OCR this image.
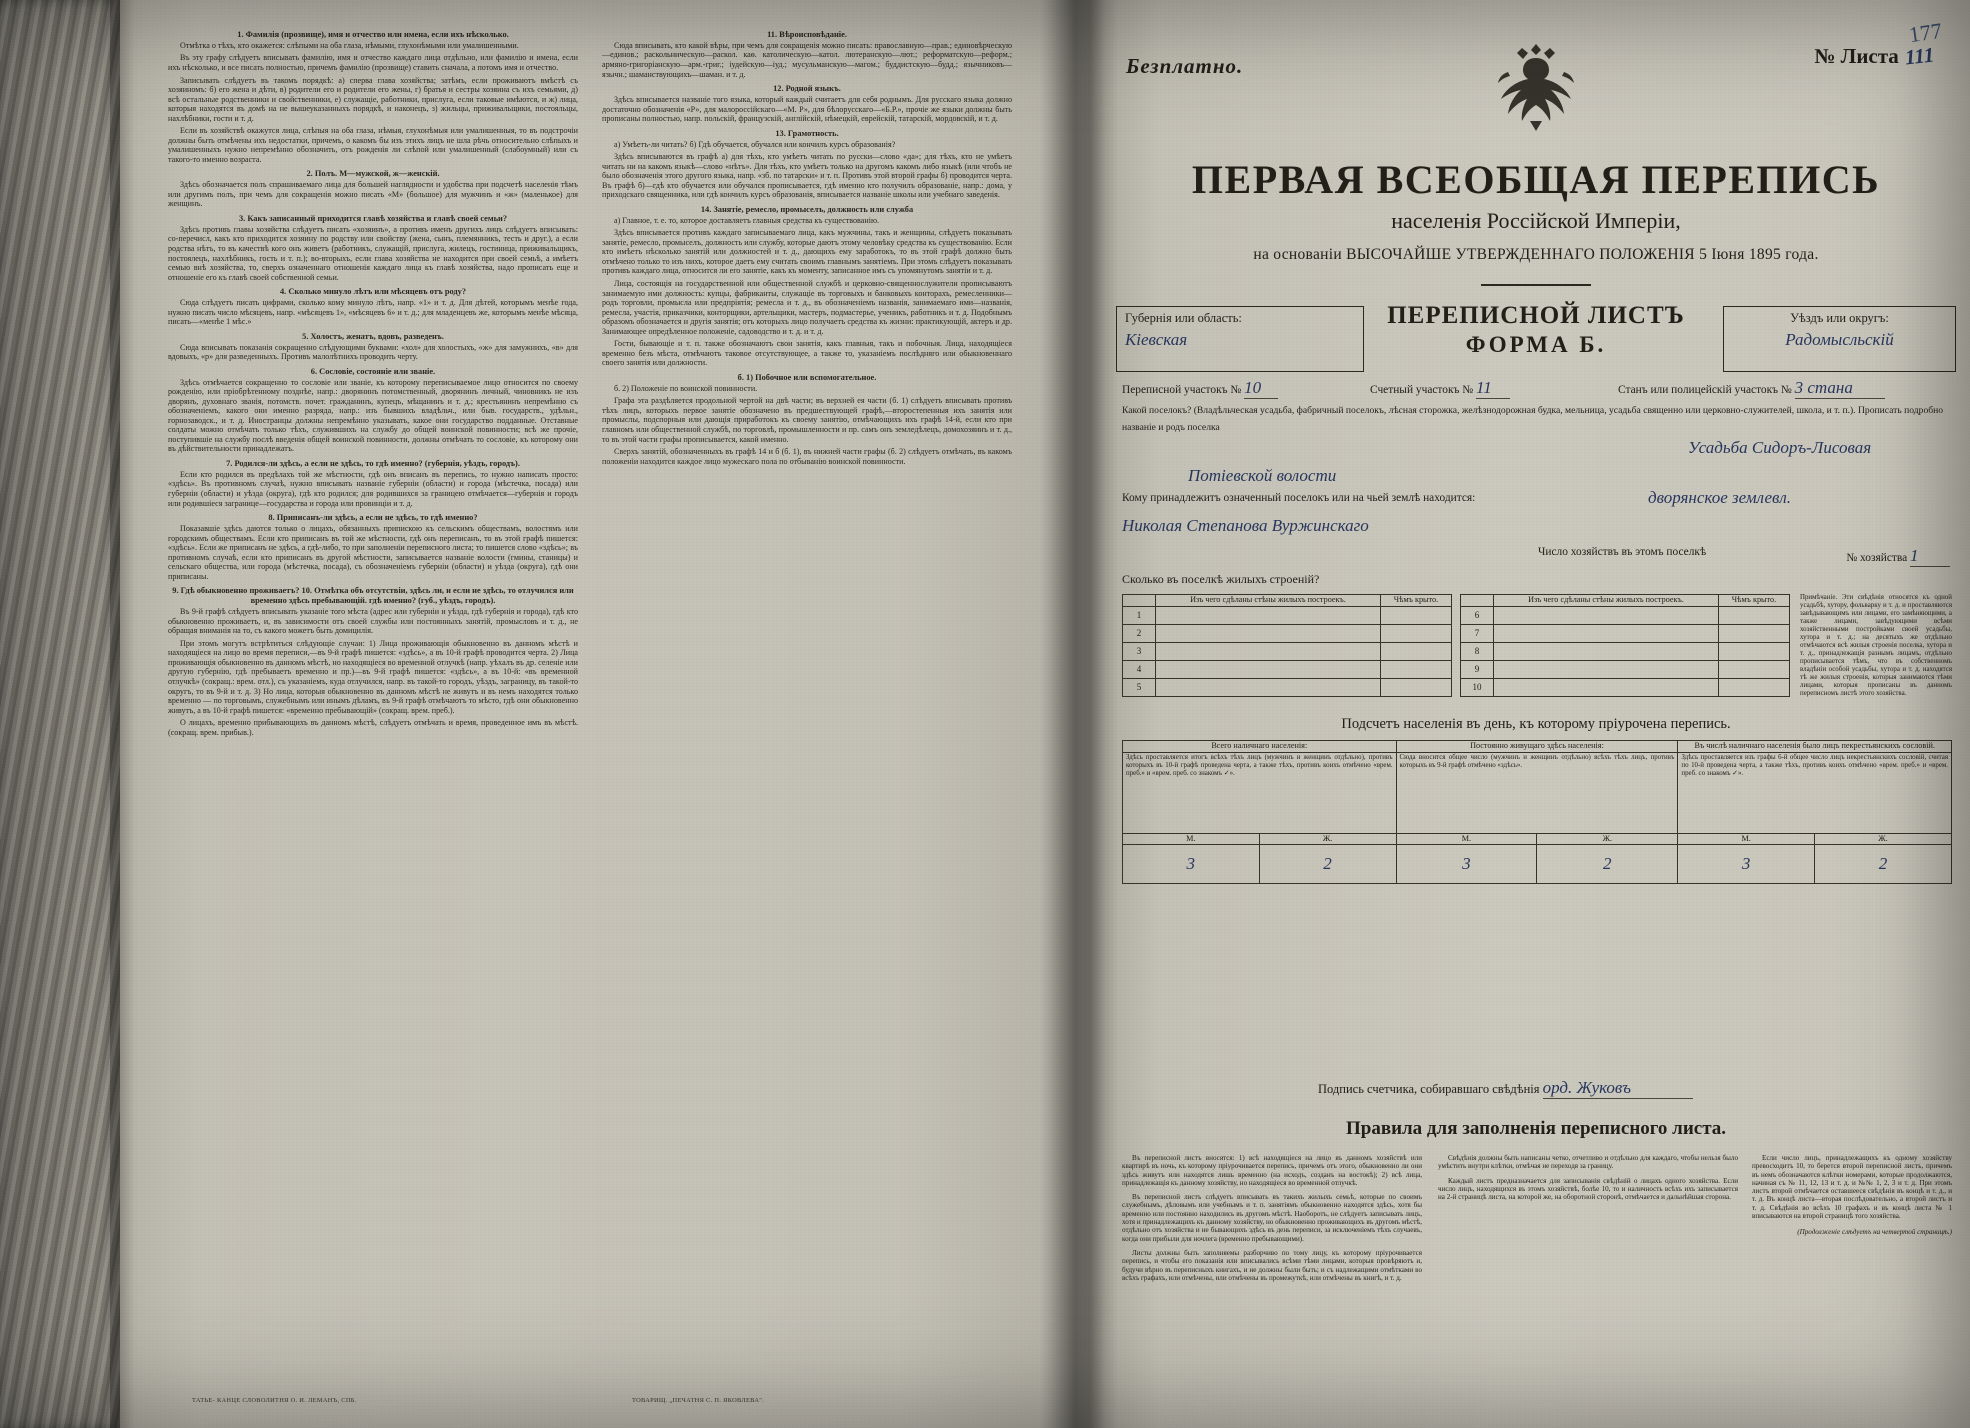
1. Фамилія (прозвище), имя и отчество или имена, если ихъ нѣсколько.

Отмѣтка о тѣхъ, кто окажется: слѣпыми на оба глаза, нѣмыми, глухонѣмыми или умалишенными.

Въ эту графу слѣдуетъ вписывать фамилію, имя и отчество каждаго лица отдѣльно, или фамилію и имена, если ихъ нѣсколько, и все писать полностью, причемъ фамилію (прозвище) ставить сначала, а потомъ имя и отчество.

Записывать слѣдуетъ въ такомъ порядкѣ: а) сперва глава хозяйства; затѣмъ, если проживаютъ вмѣстѣ съ хозяиномъ: б) его жена и дѣти, в) родители его и родители его жены, г) братья и сестры хозяина съ ихъ семьями, д) всѣ остальные родственники и свойственники, е) служащіе, работники, прислуга, если таковые имѣются, и ж) лица, которыя находятся въ домѣ на не вышеуказанныхъ порядкѣ, и наконецъ, з) жильцы, приживальщики, постояльцы, нахлѣбники, гости и т. д.

Если въ хозяйствѣ окажутся лица, слѣпыя на оба глаза, нѣмыя, глухонѣмыя или умалишенныя, то въ подстрочіи должны быть отмѣчены ихъ недостатки, причемъ, о какомъ бы изъ этихъ лицъ не шла рѣчь относительно слѣпыхъ и умалишенныхъ нужно непремѣнно обозначить, отъ рожденія ли слѣпой или умалишенный (слабоумный) или съ такого-то именно возраста.

2. Полъ. М—мужской, ж—женскій.

Здѣсь обозначается полъ спрашиваемаго лица для большей наглядности и удобства при подсчетѣ населенія тѣмъ или другимъ полъ, при чемъ для сокращенія можно писать «М» (большое) для мужчинъ и «ж» (маленькое) для женщинъ.

3. Какъ записанный приходится главѣ хозяйства и главѣ своей семьи?

Здѣсь противъ главы хозяйства слѣдуетъ писать «хозяинъ», а противъ именъ другихъ лицъ слѣдуетъ вписывать: со-перечисл, какъ кто приходится хозяину по родству или свойству (жена, сынъ, племянникъ, тесть и друг.), а если родства нѣтъ, то въ качествѣ кого онъ живетъ (работникъ, служащій, прислуга, жилецъ, гостиница, приживальщикъ, постоялецъ, нахлѣбникъ, гость и т. п.); во-вторыхъ, если глава хозяйства не находится при своей семьѣ, а имѣетъ семью внѣ хозяйства, то, сверхъ означеннаго отношенія каждаго лица къ главѣ хозяйства, надо прописать еще и отношеніе его къ главѣ своей собственной семьи.

4. Сколько минуло лѣтъ или мѣсяцевъ отъ роду?

Сюда слѣдуетъ писать цифрами, сколько кому минуло лѣтъ, напр. «1» и т. д. Для дѣтей, которымъ менѣе года, нужно писать число мѣсяцевъ, напр. «мѣсяцевъ 1», «мѣсяцевъ 6» и т. д.; для младенцевъ же, которымъ менѣе мѣсяца, писать—«менѣе 1 мѣс.»

5. Холостъ, женатъ, вдовъ, разведенъ.

Сюда вписывать показанія сокращенно слѣдующими буквами: «хол» для холостыхъ, «ж» для замужнихъ, «в» для вдовыхъ, «р» для разведенныхъ. Противъ малолѣтнихъ проводить черту.

6. Сословіе, состояніе или званіе.

Здѣсь отмѣчается сокращенно то сословіе или званіе, къ которому переписываемое лицо относится по своему рожденію, или пріобрѣтенному позднѣе, напр.: дворянинъ потомственный, дворянинъ личный, чиновникъ не изъ дворянъ, духовнаго званія, потомств. почет. гражданинъ, купецъ, мѣщанинъ и т. д.; крестьянинъ непремѣнно съ обозначеніемъ, какого они именно разряда, напр.: изъ бывшихъ владѣльч., или быв. государств., удѣльн., горнозаводск., и т. д. Иностранцы должны непремѣнно указывать, какое они государство подданные. Отставные солдаты можно отмѣчать только тѣхъ, служившихъ на службу до общей воинской повинности; всѣ же прочіе, поступившіе на службу послѣ введенія общей воинской повинности, должны отмѣчать то сословіе, къ которому они въ дѣйствительности принадлежатъ.

7. Родился-ли здѣсь, а если не здѣсь, то гдѣ именно? (губернія, уѣздъ, городъ).

Если кто родился въ предѣлахъ той же мѣстности, гдѣ онъ вписанъ въ перепись, то нужно написать просто: «здѣсь». Въ противномъ случаѣ, нужно вписывать названіе губерніи (области) и города (мѣстечка, посада) или губерніи (области) и уѣзда (округа), гдѣ кто родился; для родившихся за границею отмѣчается—губернія и городъ или родившіеся загранице—государства и города или провинціи и т. д.

8. Приписанъ-ли здѣсь, а если не здѣсь, то гдѣ именно?

Показавшіе здѣсь даются только о лицахъ, обязанныхъ припискою къ сельскимъ обществамъ, волостямъ или городскимъ обществамъ. Если кто приписанъ въ той же мѣстности, гдѣ онъ переписанъ, то въ этой графѣ пишется: «здѣсь». Если же приписанъ не здѣсь, а гдѣ-либо, то при заполненіи переписного листа; то пишется слово «здѣсь»; въ противномъ случаѣ, если кто приписанъ въ другой мѣстности, записывается названіе волости (гмины, станицы) и сельскаго общества, или города (мѣстечка, посада), съ обозначеніемъ губерніи (области) и уѣзда (округа), гдѣ они приписаны.

9. Гдѣ обыкновенно проживаетъ? 10. Отмѣтка объ отсутствіи, здѣсь ли, и если не здѣсь, то отлучился или временно здѣсь пребывающій. гдѣ именно? (губ., уѣздъ, городъ).

Въ 9-й графѣ слѣдуетъ вписывать указаніе того мѣста (адрес или губерніи и уѣзда, гдѣ губернія и города), гдѣ кто обыкновенно проживаетъ, и, въ зависимости отъ своей службы или постоянныхъ занятій, промысловъ и т. д., не обращая вниманія на то, съ какого можетъ быть домицилія.

При этомъ могутъ встрѣтиться слѣдующіе случаи: 1) Лица проживающія обыкновенно въ данномъ мѣстѣ и находящіеся на лицо во время переписи,—въ 9-й графѣ пишется: «здѣсь», а въ 10-й графѣ проводится черта. 2) Лица проживающія обыкновенно въ данномъ мѣстѣ, но находящіеся во временной отлучкѣ (напр. уѣхалъ въ др. селеніе или другую губернію, гдѣ пребываетъ временно и пр.)—въ 9-й графѣ пишется: «здѣсь», а въ 10-й: «въ временной отлучкѣ» (сокращ.: врем. отл.), съ указаніемъ, куда отлучился, напр. въ такой-то городъ, уѣздъ, заграницу, въ такой-то округъ, то въ 9-й и т. д. 3) Но лица, которыя обыкновенно въ данномъ мѣстѣ не живутъ и въ немъ находятся только временно — по торговымъ, служебнымъ или инымъ дѣламъ, въ 9-й графѣ отмѣчаютъ то мѣсто, гдѣ они обыкновенно живутъ, а въ 10-й графѣ пишется: «временно пребывающій» (сокращ. врем. преб.).

О лицахъ, временно прибывающихъ въ данномъ мѣстѣ, слѣдуетъ отмѣчать и время, проведенное имъ въ мѣстѣ. (сокращ. врем. прибыв.).

11. Вѣроисповѣданіе.

Сюда вписывать, кто какой вѣры, при чемъ для сокращенія можно писать: православную—прав.; единовѣрческую—единов.; раскольническую—раскол. каѳ. католическую—катол. лютеранскую—лют.; реформатскую—реформ.; армяно-григоріанскую—арм.-григ.; іудейскую—іуд.; мусульманскую—магом.; буддистскую—будд.; язычниковъ—язычн.; шаманствующихъ—шаман. и т. д.

12. Родной языкъ.

Здѣсь вписывается названіе того языка, который каждый считаетъ для себя роднымъ. Для русскаго языка должно достаточно обозначенія «Р», для малороссійскаго—«М. Р», для бѣлорусскаго—«Б.Р.», прочіе же языки должны быть прописаны полностью, напр. польскій, французскій, англійскій, нѣмецкій, еврейскій, татарскій, мордовскій, и т. д.

13. Грамотность.

а) Умѣетъ-ли читать? б) Гдѣ обучается, обучался или кончилъ курсъ образованія?

Здѣсь вписываются въ графѣ а) для тѣхъ, кто умѣетъ читать по русски—слово «да»; для тѣхъ, кто не умѣетъ читать ни на какомъ языкѣ—слово «нѣтъ». Для тѣхъ, кто умѣетъ только на другомъ какомъ либо языкѣ (или чтобъ не было обозначенія этого другого языка, напр. «зб. по татарски» и т. п. Противъ этой второй графы б) проводится черта. Въ графѣ б)—гдѣ кто обучается или обучался прописывается, гдѣ именно кто получилъ образованіе, напр.: дома, у приходскаго священника, или гдѣ кончилъ курсъ образованія, вписывается названіе школы или учебнаго заведенія.

14. Занятіе, ремесло, промыселъ, должность или служба

а) Главное, т. е. то, которое доставляетъ главныя средства къ существованію.

Здѣсь вписывается противъ каждаго записываемаго лица, какъ мужчины, такъ и женщины, слѣдуетъ показывать занятіе, ремесло, промыселъ, должность или службу, которые даютъ этому человѣку средства къ существованію. Если кто имѣетъ нѣсколько занятій или должностей и т. д., дающихъ ему заработокъ, то въ этой графѣ должно быть отмѣчено только то изъ нихъ, которое даетъ ему считать своимъ главнымъ занятіемъ. При этомъ слѣдуетъ показывать противъ каждаго лица, относится ли его занятіе, какъ къ моменту, записанное имъ съ упомянутомъ занятіи и т. д.

Лица, состоящія на государственной или общественной службѣ и церковно-священнослужители прописываютъ занимаемую ими должность: купцы, фабриканты, служащіе въ торговыхъ и банковыхъ конторахъ, ремесленники—родъ торговли, промысла или предпріятія; ремесла и т. д., въ обозначеніемъ названія, занимаемаго ими—названія, ремесла, участія, приказчики, конторщики, артельщики, мастеръ, подмастерье, ученикъ, работникъ и т. д. Подобнымъ образомъ обозначается и другія занятія; отъ которыхъ лицо получаетъ средства къ жизни: практикующій, актеръ и др. Занимающее опредѣленное положеніе, садоводство и т. д. и т. д.

Гости, бывающіе и т. п. также обозначаютъ свои занятія, какъ главныя, такъ и побочныя. Лица, находящіеся временно безъ мѣста, отмѣчаютъ таковое отсутствующее, а также то, указаніемъ послѣдняго или обыкновеннаго своего занятія или должности.

б. 1) Побочное или вспомогательное.

б. 2) Положеніе по воинской повинности.

Графа эта раздѣляется продольной чертой на двѣ части; въ верхней ея части (б. 1) слѣдуетъ вписывать противъ тѣхъ лицъ, которыхъ первое занятіе обозначено въ предшествующей графѣ,—второстепенныя ихъ занятія или промыслы, подспорныя или дающія приработокъ къ своему занятію, отмѣчающихъ ихъ графѣ 14-й, если кто при главномъ или общественной службѣ, по торговлѣ, промышленности и пр. самъ онъ земледѣлецъ, домохозяинъ и т. д., то въ этой части графы прописывается, какой именно.

Сверхъ занятій, обозначенныхъ въ графѣ 14 и б (б. 1), въ нижней части графы (б. 2) слѣдуетъ отмѣчать, въ какомъ положеніи находится каждое лицо мужескаго пола по отбыванію воинской повинности.

ТАТЬЕ- КАНЦЕ СЛОВОЛИТНЯ О. И. ЛЕМАНЪ, СПБ.	ТОВАРИЩ. „ПЕЧАТНЯ С. П. ЯКОВЛЕВА".
177
Безплатно.	№ Листа 111
ПЕРВАЯ ВСЕОБЩАЯ ПЕРЕПИСЬ
населенія Россійской Имперіи,
на основаніи ВЫСОЧАЙШЕ УТВЕРЖДЕННАГО ПОЛОЖЕНІЯ 5 Іюня 1895 года.
Губернія или область:
Кіевская
Уѣздъ или округъ:
Радомысльскій
ПЕРЕПИСНОЙ ЛИСТЪ
ФОРМА Б.
Переписной участокъ № 10	Счетный участокъ № 11	Станъ или полицейскій участокъ № 3 стана
Какой поселокъ? (Владѣльческая усадьба, фабричный поселокъ, лѣсная сторожка, желѣзнодорожная будка, мельница, усадьба священно или церковно-служителей, школа, и т. п.). Прописать подробно названіе и родъ поселка
Усадьба Сидоръ-Лисовая
Потіевской волости

Кому принадлежитъ означенный поселокъ или на чьей землѣ находится:	дворянское землевл.
Николая Степанова Вуржинскаго
Число хозяйствъ въ этомъ поселкѣ	№ хозяйства 1
Сколько въ поселкѣ жилыхъ строеній?
	Изъ чего сдѣланы стѣны жилыхъ построекъ.	Чѣмъ крыто.
1		
2		
3		
4		
5		
	Изъ чего сдѣланы стѣны жилыхъ построекъ.	Чѣмъ крыто.
6		
7		
8		
9		
10		
Примѣчаніе. Эти свѣдѣнія относятся къ одной усадьбѣ, хутору, фольварку и т. д. и проставляются завѣдывающимъ или лицами, его замѣняющими, а также лицами, завѣдующими всѣми хозяйственными постройками своей усадьбы, хутора и т. д.; на десятыхъ же отдѣльно отмѣчаются всѣ жилыя строенія поселка, хутора и т. д., принадлежащія разнымъ лицамъ, отдѣльно прописывается тѣмъ, что въ собственномъ владѣніи особой усадьбы, хутора и т. д. находятся тѣ же жилыя строенія, которыя занимаются тѣми лицами, которыя прописаны въ данномъ переписномъ листѣ этого хозяйства.
Подсчетъ населенія въ день, къ которому пріурочена перепись.
Всего наличнаго населенія:		Постоянно живущаго здѣсь населенія:		Въ числѣ наличнаго населенія было лицъ пекрестьянскихъ сословій.	

Здѣсь проставляется итогъ всѣхъ тѣхъ лицъ (мужчинъ и женщинъ отдѣльно), противъ которыхъ въ 10-й графѣ проведена черта, а также тѣхъ, противъ коихъ отмѣчено «врем. преб.» и «врем. преб. со знакомъ ✓».		Сюда вносится общее число (мужчинъ и женщинъ отдѣльно) всѣхъ тѣхъ лицъ, противъ которыхъ въ 9-й графѣ отмѣчено «здѣсь».		Здѣсь проставляется изъ графы 6-й общее число лицъ некрестьянскихъ сословій, считая по 10-й проведена черта, а также тѣхъ, противъ коихъ отмѣчено «врем. преб.» и «врем. преб. со знакомъ ✓».	

М.	Ж.	М.	Ж.	М.	Ж.
3	2	3	2	3	2
Подпись счетчика, собиравшаго свѣдѣнія орд. Жуковъ
Правила для заполненія переписного листа.

Въ переписной листъ вносятся: 1) всѣ находящіеся на лицо въ данномъ хозяйствѣ или квартирѣ въ ночь, къ которому пріурочивается перепись, причемъ отъ этого, обыкновенно ли они здѣсь живутъ или находятся лишь временно (на исходъ, созданъ на востокѣ); 2) всѣ лица, принадлежащія къ данному хозяйству, но находящіеся во временной отлучкѣ.

Въ переписной листъ слѣдуетъ вписывать въ такихъ жилыхъ семьѣ, которые по своимъ служебнымъ, дѣловымъ или учебнымъ и т. п. занятіямъ обыкновенно находятся здѣсь, хотя бы временно или постоянно находились въ другомъ мѣстѣ. Наоборотъ, не слѣдуетъ записывать лицъ, хотя и принадлежащихъ къ данному хозяйству, но обыкновенно проживающихъ въ другомъ мѣстѣ, отдѣльно отъ хозяйства и не бывающихъ здѣсь въ день переписи, за исключеніемъ тѣхъ случаевъ, когда они прибыли для ночлега (временно пребывающими).

Листы должны быть заполняемы разборчиво по тому лицу, къ которому пріурочивается перепись, и чтобы его показанія или вписывались всѣми тѣми лицами, которыя провѣряютъ и, будучи вѣрно въ переписныхъ книгахъ, и не должны были быть; и съ надлежащими отмѣтками во всѣхъ графахъ, или отмѣчены, или отмѣчены въ промежуткѣ, или отмѣчены въ книгѣ, и т. д.

Свѣдѣнія должны быть написаны четко, отчетливо и отдѣльно для каждаго, чтобы нельзя было умѣстить внутри клѣтки, отмѣчая не переходя за границу.

Каждый листъ предназначается для записыванія свѣдѣній о лицахъ одного хозяйства. Если число лицъ, находящихся въ этомъ хозяйствѣ, болѣе 10, то и наличность всѣхъ ихъ записывается на 2-й страницѣ листа, на которой же, на оборотной сторонѣ, отмѣчается и дальнѣйшая сторона.

Если число лицъ, принадлежащихъ къ одному хозяйству превосходитъ 10, то берется второй переписной листъ, причемъ въ немъ обозначаются клѣтки номерами, которые продолжаются, начиная съ № 11, 12, 13 и т. д. и №№ 1, 2, 3 и т. д. При этомъ листъ второй отмѣчается оставшееся свѣдѣнія въ концѣ и т. д., и т. д. Въ концѣ листа—вторая послѣдовательно, а второй листъ и т. д. Свѣдѣнія во всѣхъ 10 графахъ и въ концѣ листа № 1 вписываются на второй страницѣ того хозяйства.

(Продолженіе слѣдуетъ на четвертой страницѣ.)
